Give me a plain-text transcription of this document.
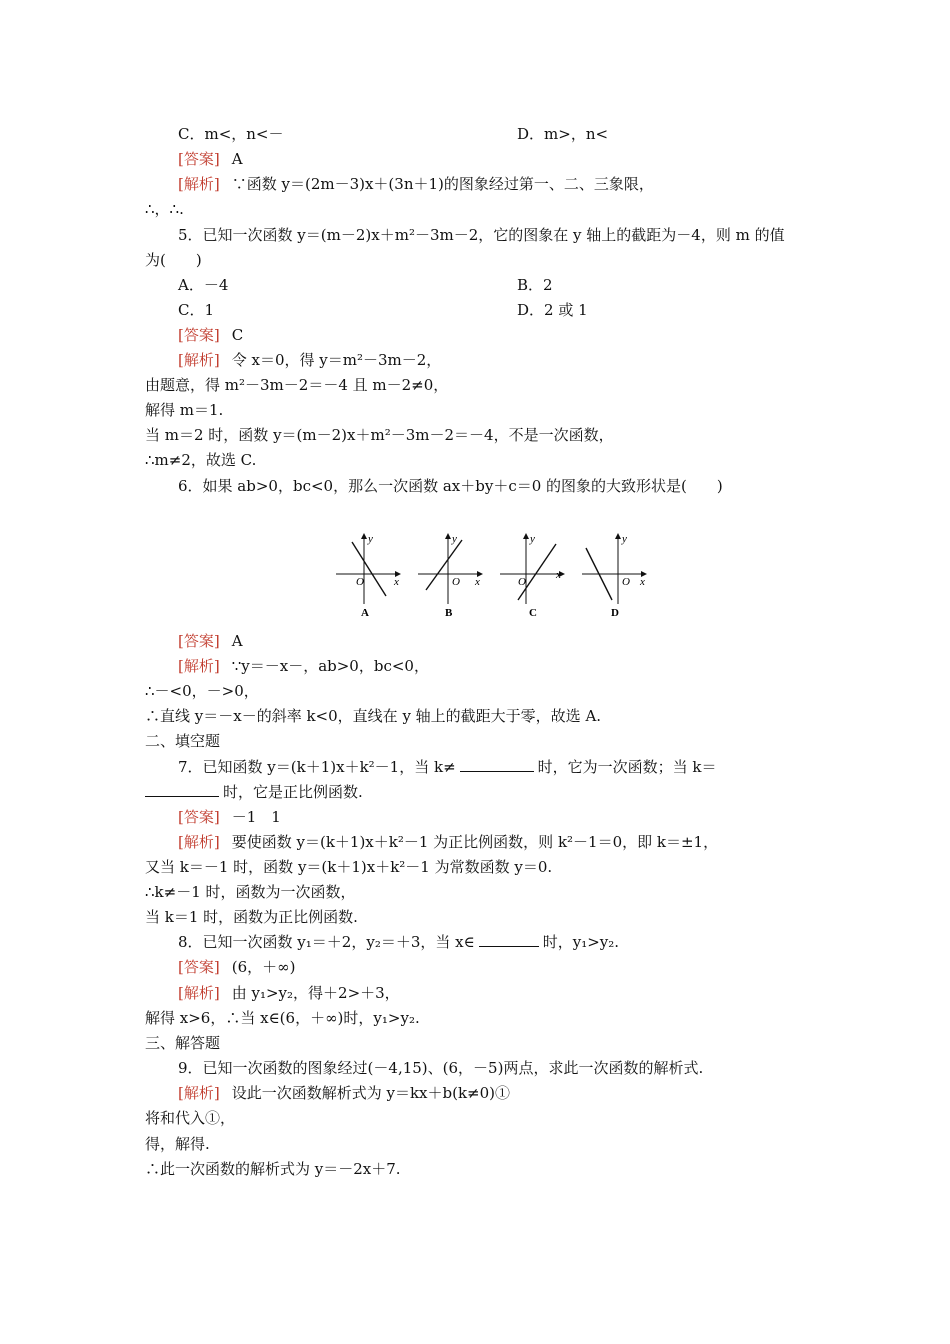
C．m<，n<－	D．m>，n<
[答案] A
[解析] ∵函数 y＝(2m－3)x＋(3n＋1)的图象经过第一、二、三象限，
∴，∴.
5．已知一次函数 y＝(m－2)x＋m²－3m－2，它的图象在 y 轴上的截距为－4，则 m 的值
为(　　)
A．－4	B．2
C．1	D．2 或 1
[答案] C
[解析] 令 x＝0，得 y＝m²－3m－2，
由题意，得 m²－3m－2＝－4 且 m－2≠0，
解得 m＝1.
当 m＝2 时，函数 y＝(m－2)x＋m²－3m－2＝－4，不是一次函数，
∴m≠2，故选 C.
6．如果 ab>0，bc<0，那么一次函数 ax＋by＋c＝0 的图象的大致形状是(　　)
O	x
y
A
O x
y
B
O
x
y
C
O x
y
D
[答案] A
[解析] ∵y＝－x－，ab>0，bc<0，
∴－<0，－>0，
∴直线 y＝－x－的斜率 k<0，直线在 y 轴上的截距大于零，故选 A.
二、填空题
7．已知函数 y＝(k＋1)x＋k²－1，当 k≠	时，它为一次函数；当 k＝
时，它是正比例函数.
[答案] －1　1
[解析] 要使函数 y＝(k＋1)x＋k²－1 为正比例函数，则 k²－1＝0，即 k＝±1，
又当 k＝－1 时，函数 y＝(k＋1)x＋k²－1 为常数函数 y＝0.
∴k≠－1 时，函数为一次函数，
当 k＝1 时，函数为正比例函数.
8．已知一次函数 y₁＝＋2，y₂＝＋3，当 x∈	时，y₁>y₂.
[答案] (6，＋∞)
[解析] 由 y₁>y₂，得＋2>＋3，
解得 x>6，∴当 x∈(6，＋∞)时，y₁>y₂.
三、解答题
9．已知一次函数的图象经过(－4,15)、(6，－5)两点，求此一次函数的解析式.
[解析] 设此一次函数解析式为 y＝kx＋b(k≠0)①
将和代入①，
得，解得.
∴此一次函数的解析式为 y＝－2x＋7.
